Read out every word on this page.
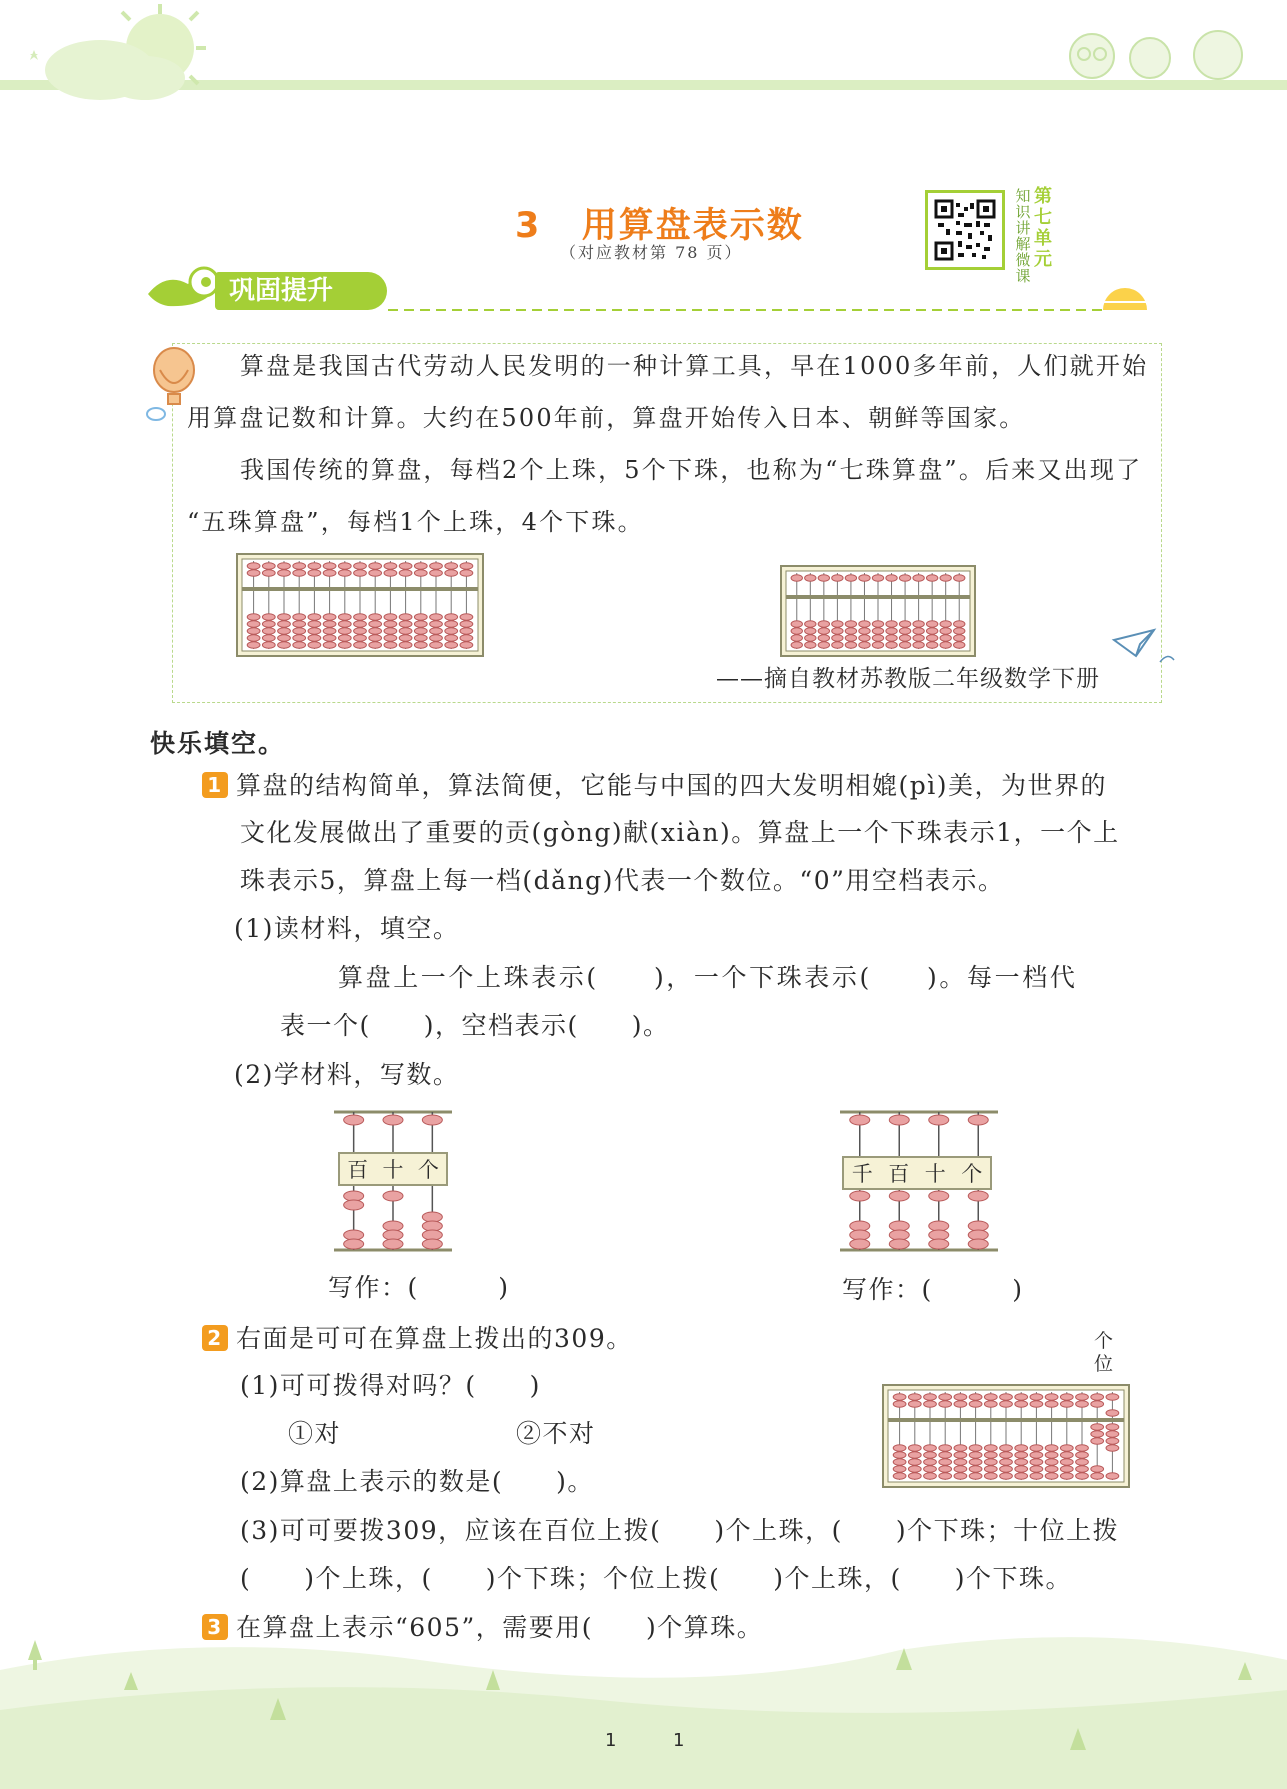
3 用算盘表示数
（对应教材第 78 页）
知
识
讲
解
微
课
第
七
单
元
巩固提升
算盘是我国古代劳动人民发明的一种计算工具，早在1000多年前，人们就开始
用算盘记数和计算。大约在500年前，算盘开始传入日本、朝鲜等国家。
我国传统的算盘，每档2个上珠，5个下珠，也称为“七珠算盘”。后来又出现了
“五珠算盘”，每档1个上珠，4个下珠。
——摘自教材苏教版二年级数学下册
快乐填空。
1 算盘的结构简单，算法简便，它能与中国的四大发明相媲(pì)美，为世界的
文化发展做出了重要的贡(gòng)献(xiàn)。算盘上一个下珠表示1，一个上
珠表示5，算盘上每一档(dǎng)代表一个数位。“0”用空档表示。
(1)读材料，填空。
算盘上一个上珠表示(　　)，一个下珠表示(　　)。每一档代
表一个(　　)，空档表示(　　)。
(2)学材料，写数。
百 十 个	千 百 十 个
写作：(　　　)	写作：(　　　)
2 右面是可可在算盘上拨出的309。
(1)可可拨得对吗？(　　)
①对	②不对
(2)算盘上表示的数是(　　)。
(3)可可要拨309，应该在百位上拨(　　)个上珠，(　　)个下珠；十位上拨
(　　)个上珠，(　　)个下珠；个位上拨(　　)个上珠，(　　)个下珠。
个
位
3 在算盘上表示“605”，需要用(　　)个算珠。
1	1
